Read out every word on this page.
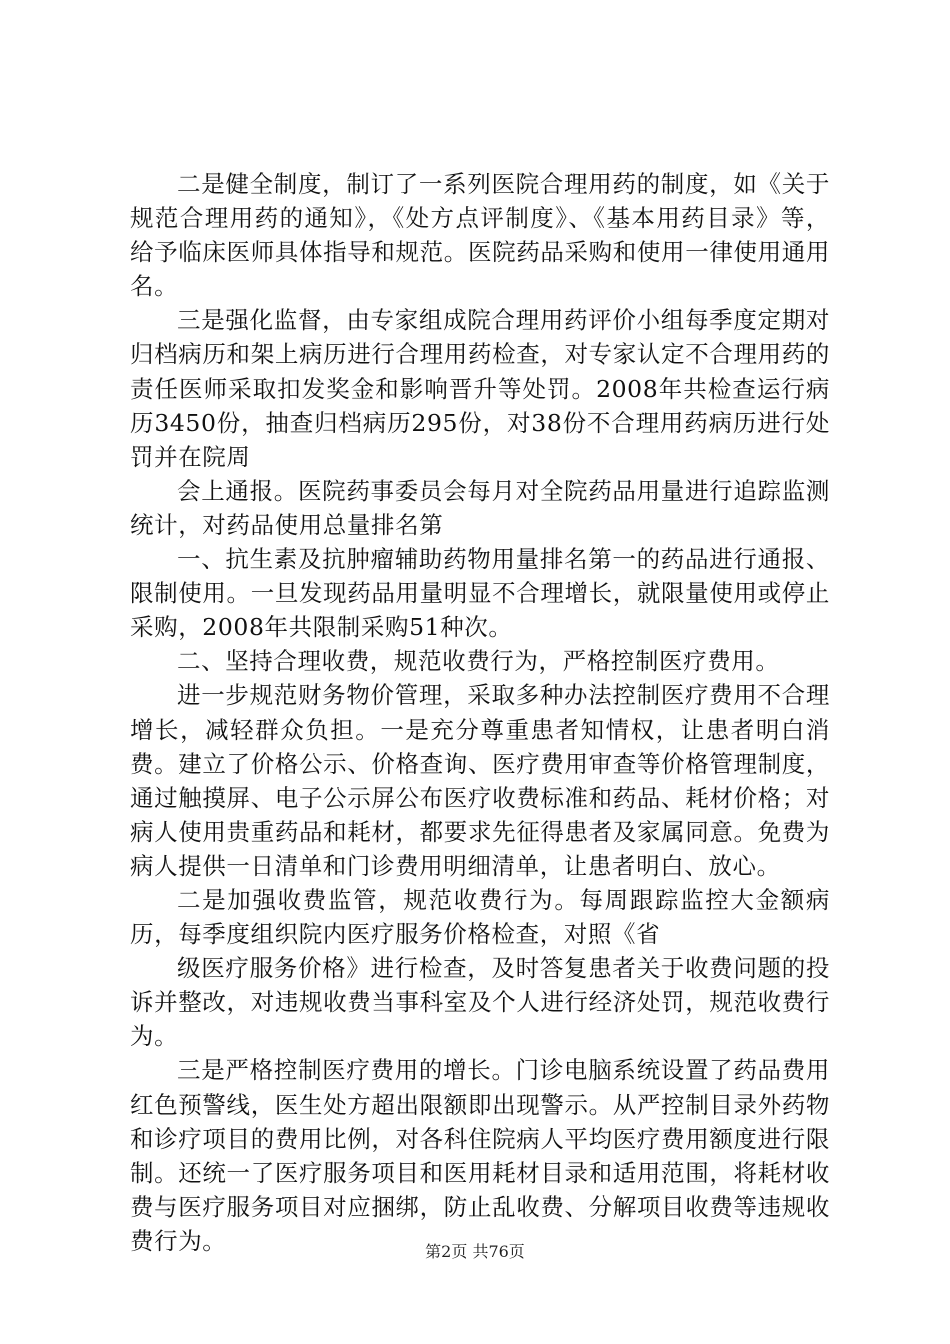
二是健全制度，制订了一系列医院合理用药的制度，如《关于规范合理用药的通知》，《处方点评制度》、《基本用药目录》等，给予临床医师具体指导和规范。医院药品采购和使用一律使用通用名。

三是强化监督，由专家组成院合理用药评价小组每季度定期对归档病历和架上病历进行合理用药检查，对专家认定不合理用药的责任医师采取扣发奖金和影响晋升等处罚。2008年共检查运行病历3450份，抽查归档病历295份，对38份不合理用药病历进行处罚并在院周

会上通报。医院药事委员会每月对全院药品用量进行追踪监测统计，对药品使用总量排名第

一、抗生素及抗肿瘤辅助药物用量排名第一的药品进行通报、限制使用。一旦发现药品用量明显不合理增长，就限量使用或停止采购，2008年共限制采购51种次。

二、坚持合理收费，规范收费行为，严格控制医疗费用。

进一步规范财务物价管理，采取多种办法控制医疗费用不合理增长，减轻群众负担。一是充分尊重患者知情权，让患者明白消费。建立了价格公示、价格查询、医疗费用审查等价格管理制度，通过触摸屏、电子公示屏公布医疗收费标准和药品、耗材价格；对病人使用贵重药品和耗材，都要求先征得患者及家属同意。免费为病人提供一日清单和门诊费用明细清单，让患者明白、放心。

二是加强收费监管，规范收费行为。每周跟踪监控大金额病历，每季度组织院内医疗服务价格检查，对照《省

级医疗服务价格》进行检查，及时答复患者关于收费问题的投诉并整改，对违规收费当事科室及个人进行经济处罚，规范收费行为。

三是严格控制医疗费用的增长。门诊电脑系统设置了药品费用红色预警线，医生处方超出限额即出现警示。从严控制目录外药物和诊疗项目的费用比例，对各科住院病人平均医疗费用额度进行限制。还统一了医疗服务项目和医用耗材目录和适用范围，将耗材收费与医疗服务项目对应捆绑，防止乱收费、分解项目收费等违规收费行为。	第2页 共76页
